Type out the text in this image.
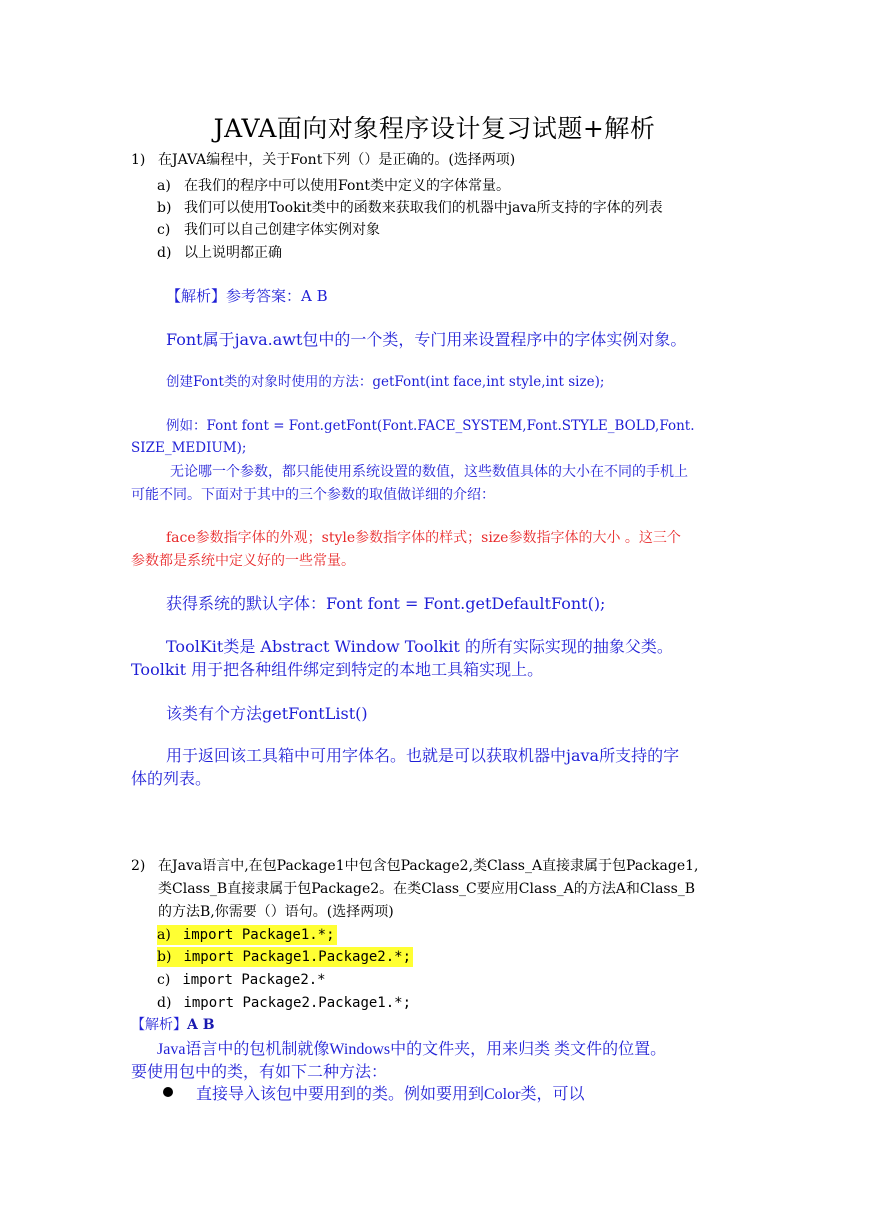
JAVA面向对象程序设计复习试题+解析
1) 在JAVA编程中，关于Font下列（）是正确的。(选择两项)
a) 在我们的程序中可以使用Font类中定义的字体常量。
b) 我们可以使用Tookit类中的函数来获取我们的机器中java所支持的字体的列表
c) 我们可以自己创建字体实例对象
d) 以上说明都正确
【解析】参考答案：A B
Font属于java.awt包中的一个类，专门用来设置程序中的字体实例对象。
创建Font类的对象时使用的方法：getFont(int face,int style,int size);
例如：Font font = Font.getFont(Font.FACE_SYSTEM,Font.STYLE_BOLD,Font.
SIZE_MEDIUM);
无论哪一个参数，都只能使用系统设置的数值，这些数值具体的大小在不同的手机上
可能不同。下面对于其中的三个参数的取值做详细的介绍：
face参数指字体的外观；style参数指字体的样式；size参数指字体的大小 。这三个
参数都是系统中定义好的一些常量。
获得系统的默认字体：Font font = Font.getDefaultFont();
ToolKit类是 Abstract Window Toolkit 的所有实际实现的抽象父类。
Toolkit 用于把各种组件绑定到特定的本地工具箱实现上。
该类有个方法getFontList()
用于返回该工具箱中可用字体名。也就是可以获取机器中java所支持的字
体的列表。
2) 在Java语言中,在包Package1中包含包Package2,类Class_A直接隶属于包Package1,
类Class_B直接隶属于包Package2。在类Class_C要应用Class_A的方法A和Class_B
的方法B,你需要（）语句。(选择两项)
a) import Package1.*;
b) import Package1.Package2.*;
c) import Package2.*
d) import Package2.Package1.*;
【解析】A B
Java语言中的包机制就像Windows中的文件夹，用来归类 类文件的位置。
要使用包中的类，有如下二种方法：
直接导入该包中要用到的类。例如要用到Color类，可以
